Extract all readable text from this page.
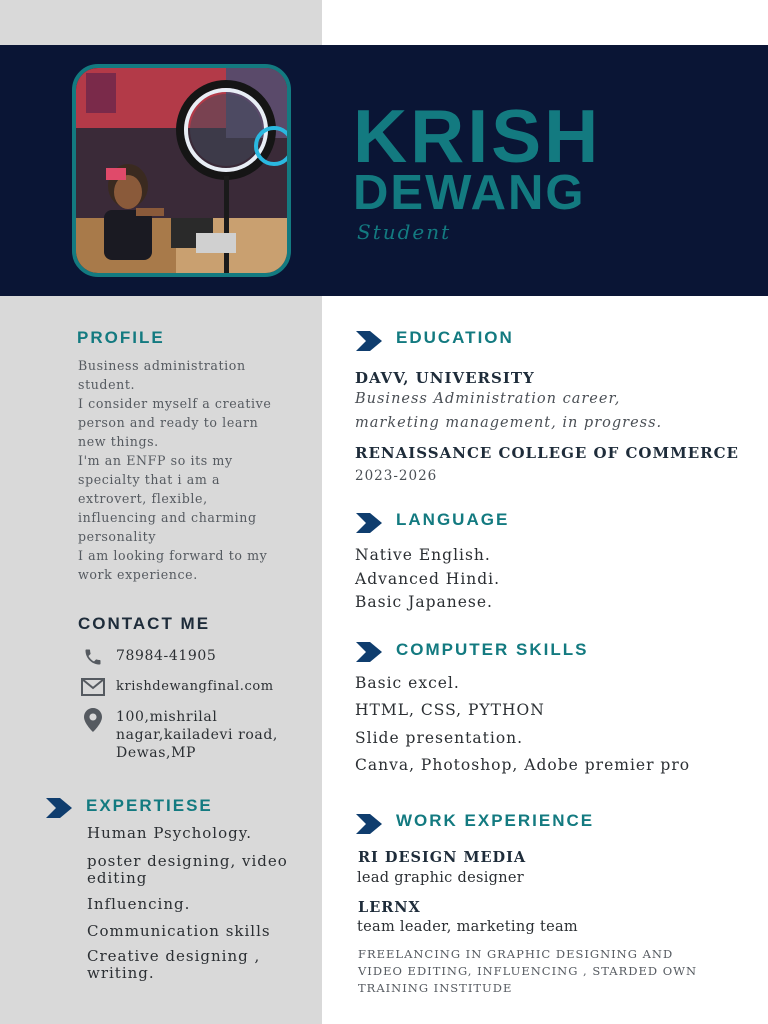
KRISH
DEWANG
Student
PROFILE
Business administration
student.
I consider myself a creative
person and ready to learn
new things.
I'm an ENFP so its my
specialty that i am a
extrovert, flexible,
influencing and charming
personality
I am looking forward to my
work experience.
CONTACT ME
78984-41905
krishdewangfinal.com
100,mishrilal
nagar,kailadevi road,
Dewas,MP
EXPERTIESE
Human Psychology.
poster designing, video editing
Influencing.
Communication skills
Creative designing , writing.
EDUCATION
DAVV, UNIVERSITY
Business Administration career,
marketing management, in progress.
RENAISSANCE COLLEGE OF COMMERCE
2023-2026
LANGUAGE
Native English.
Advanced Hindi.
Basic Japanese.
COMPUTER SKILLS
Basic excel.
HTML, CSS, PYTHON
Slide presentation.
Canva, Photoshop, Adobe premier pro
WORK EXPERIENCE
RI DESIGN MEDIA
lead graphic designer
LERNX
team leader, marketing team
FREELANCING IN GRAPHIC DESIGNING AND VIDEO EDITING, INFLUENCING , STARDED OWN TRAINING INSTITUDE
